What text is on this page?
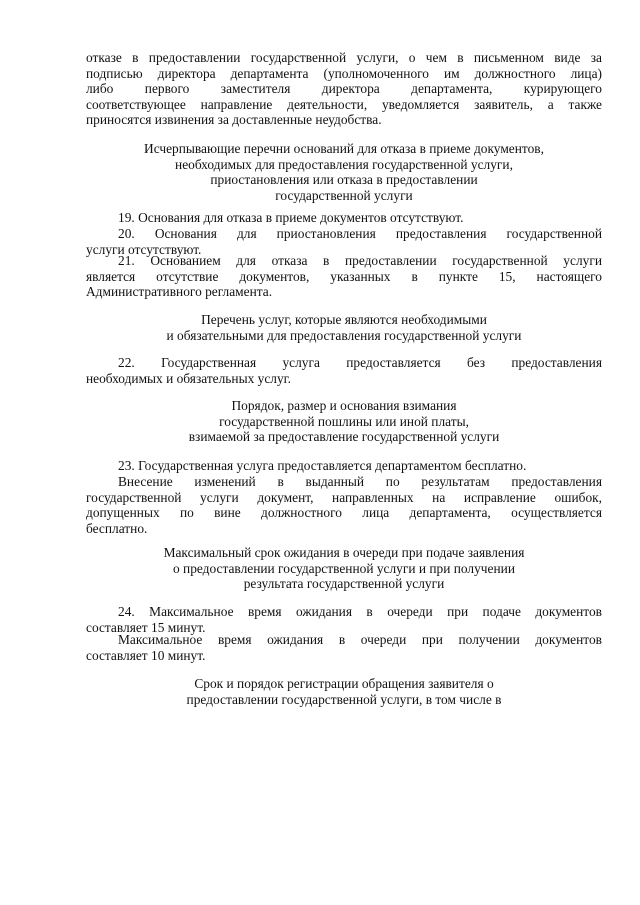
отказе в предоставлении государственной услуги, о чем в письменном виде за

подписью директора департамента (уполномоченного им должностного лица)

либо первого заместителя директора департамента, курирующего

соответствующее направление деятельности, уведомляется заявитель, а также

приносятся извинения за доставленные неудобства.

Исчерпывающие перечни оснований для отказа в приеме документов,

необходимых для предоставления государственной услуги,

приостановления или отказа в предоставлении

государственной услуги

19. Основания для отказа в приеме документов отсутствуют.

20. Основания для приостановления предоставления государственной

услуги отсутствуют.

21. Основанием для отказа в предоставлении государственной услуги

является отсутствие документов, указанных в пункте 15, настоящего

Административного регламента.

Перечень услуг, которые являются необходимыми

и обязательными для предоставления государственной услуги

22. Государственная услуга предоставляется без предоставления

необходимых и обязательных услуг.

Порядок, размер и основания взимания

государственной пошлины или иной платы,

взимаемой за предоставление государственной услуги

23. Государственная услуга предоставляется департаментом бесплатно.

Внесение изменений в выданный по результатам предоставления

государственной услуги документ, направленных на исправление ошибок,

допущенных по вине должностного лица департамента, осуществляется

бесплатно.

Максимальный срок ожидания в очереди при подаче заявления

о предоставлении государственной услуги и при получении

результата государственной услуги

24. Максимальное время ожидания в очереди при подаче документов

составляет 15 минут.

Максимальное время ожидания в очереди при получении документов

составляет 10 минут.

Срок и порядок регистрации обращения заявителя о

предоставлении государственной услуги, в том числе в
